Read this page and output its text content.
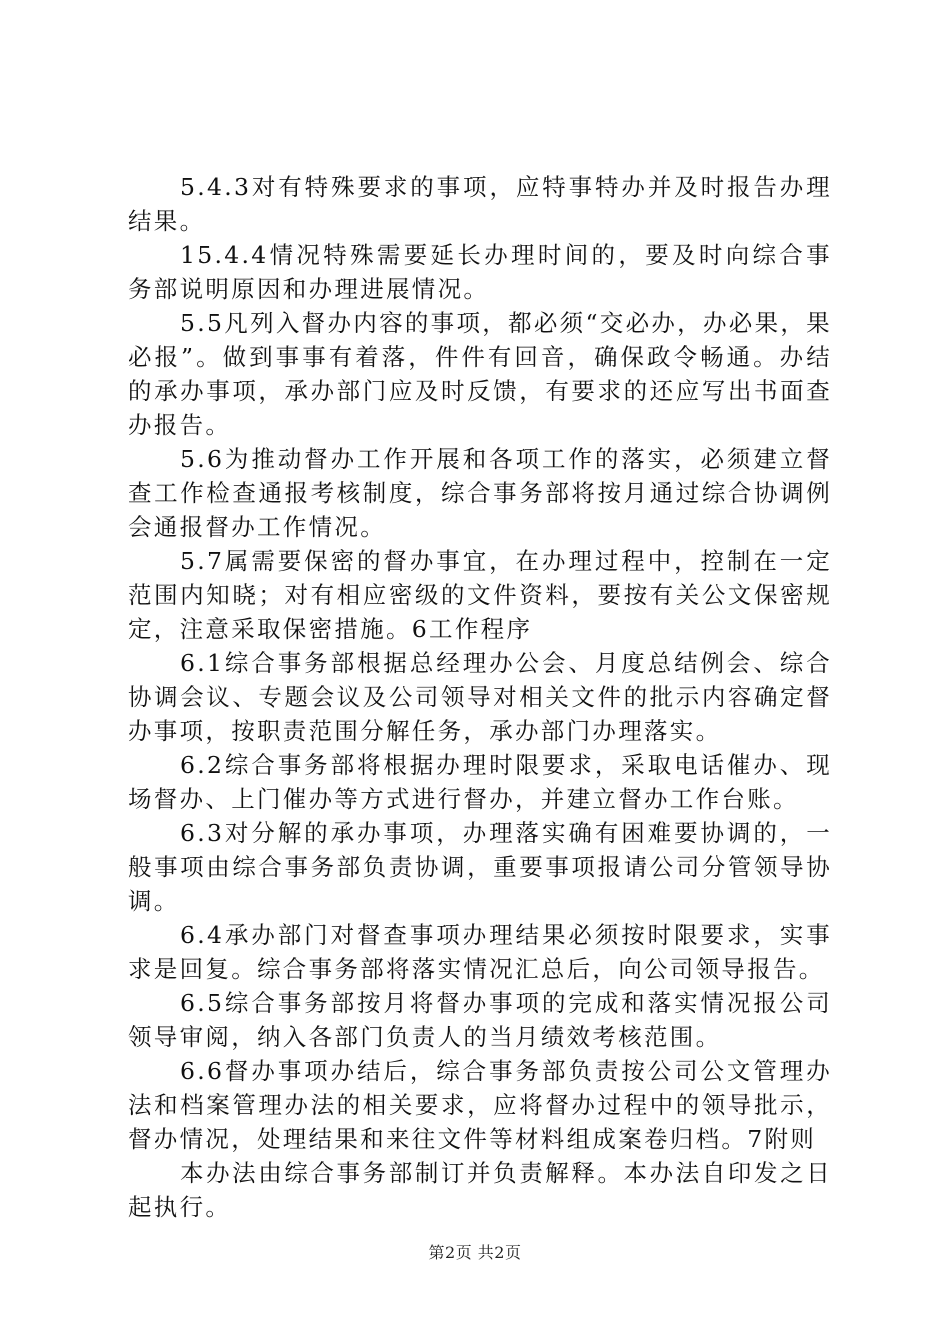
5.4.3对有特殊要求的事项，应特事特办并及时报告办理结果。

15.4.4情况特殊需要延长办理时间的，要及时向综合事务部说明原因和办理进展情况。

5.5凡列入督办内容的事项，都必须“交必办，办必果，果必报”。做到事事有着落，件件有回音，确保政令畅通。办结的承办事项，承办部门应及时反馈，有要求的还应写出书面查办报告。

5.6为推动督办工作开展和各项工作的落实，必须建立督查工作检查通报考核制度，综合事务部将按月通过综合协调例会通报督办工作情况。

5.7属需要保密的督办事宜，在办理过程中，控制在一定范围内知晓；对有相应密级的文件资料，要按有关公文保密规定，注意采取保密措施。6工作程序

6.1综合事务部根据总经理办公会、月度总结例会、综合协调会议、专题会议及公司领导对相关文件的批示内容确定督办事项，按职责范围分解任务，承办部门办理落实。

6.2综合事务部将根据办理时限要求，采取电话催办、现场督办、上门催办等方式进行督办，并建立督办工作台账。

6.3对分解的承办事项，办理落实确有困难要协调的，一般事项由综合事务部负责协调，重要事项报请公司分管领导协调。

6.4承办部门对督查事项办理结果必须按时限要求，实事求是回复。综合事务部将落实情况汇总后，向公司领导报告。

6.5综合事务部按月将督办事项的完成和落实情况报公司领导审阅，纳入各部门负责人的当月绩效考核范围。

6.6督办事项办结后，综合事务部负责按公司公文管理办法和档案管理办法的相关要求，应将督办过程中的领导批示，督办情况，处理结果和来往文件等材料组成案卷归档。7附则

本办法由综合事务部制订并负责解释。本办法自印发之日起执行。

第2页 共2页
